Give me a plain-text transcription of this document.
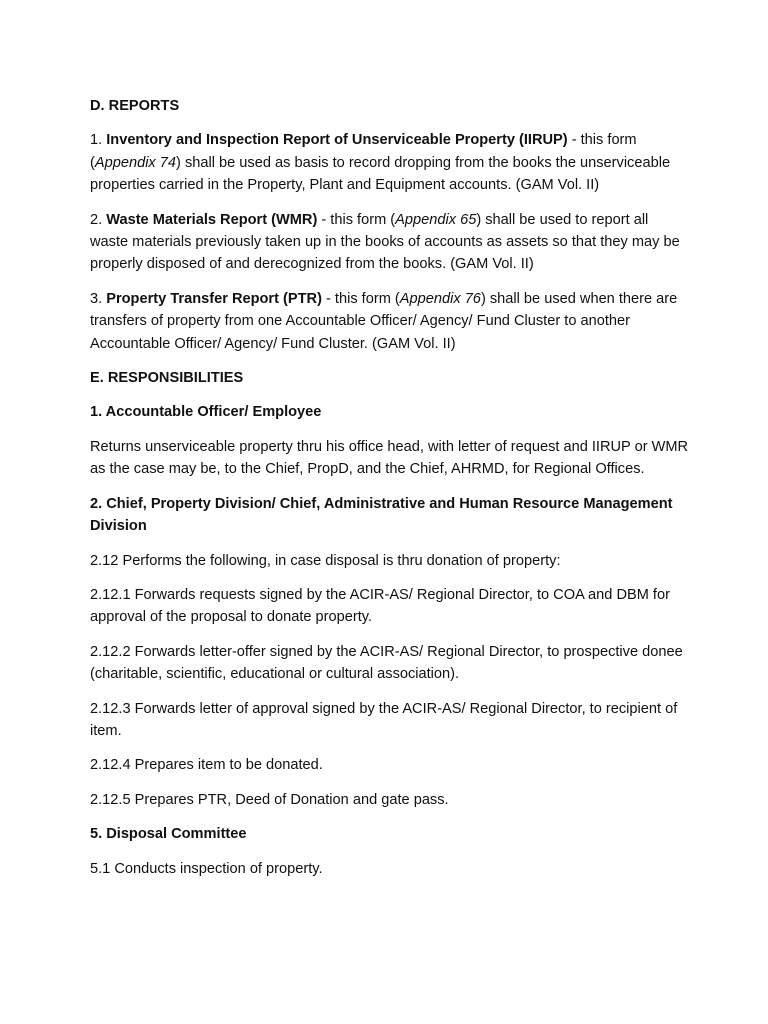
D. REPORTS

1. Inventory and Inspection Report of Unserviceable Property (IIRUP) - this form (Appendix 74) shall be used as basis to record dropping from the books the unserviceable properties carried in the Property, Plant and Equipment accounts. (GAM Vol. II)

2. Waste Materials Report (WMR) - this form (Appendix 65) shall be used to report all waste materials previously taken up in the books of accounts as assets so that they may be properly disposed of and derecognized from the books. (GAM Vol. II)

3. Property Transfer Report (PTR) - this form (Appendix 76) shall be used when there are transfers of property from one Accountable Officer/ Agency/ Fund Cluster to another Accountable Officer/ Agency/ Fund Cluster. (GAM Vol. II)

E. RESPONSIBILITIES

1. Accountable Officer/ Employee

Returns unserviceable property thru his office head, with letter of request and IIRUP or WMR as the case may be, to the Chief, PropD, and the Chief, AHRMD, for Regional Offices.

2. Chief, Property Division/ Chief, Administrative and Human Resource Management Division

2.12 Performs the following, in case disposal is thru donation of property:

2.12.1 Forwards requests signed by the ACIR-AS/ Regional Director, to COA and DBM for approval of the proposal to donate property.

2.12.2 Forwards letter-offer signed by the ACIR-AS/ Regional Director, to prospective donee (charitable, scientific, educational or cultural association).

2.12.3 Forwards letter of approval signed by the ACIR-AS/ Regional Director, to recipient of item.

2.12.4 Prepares item to be donated.

2.12.5 Prepares PTR, Deed of Donation and gate pass.

5. Disposal Committee

5.1 Conducts inspection of property.
